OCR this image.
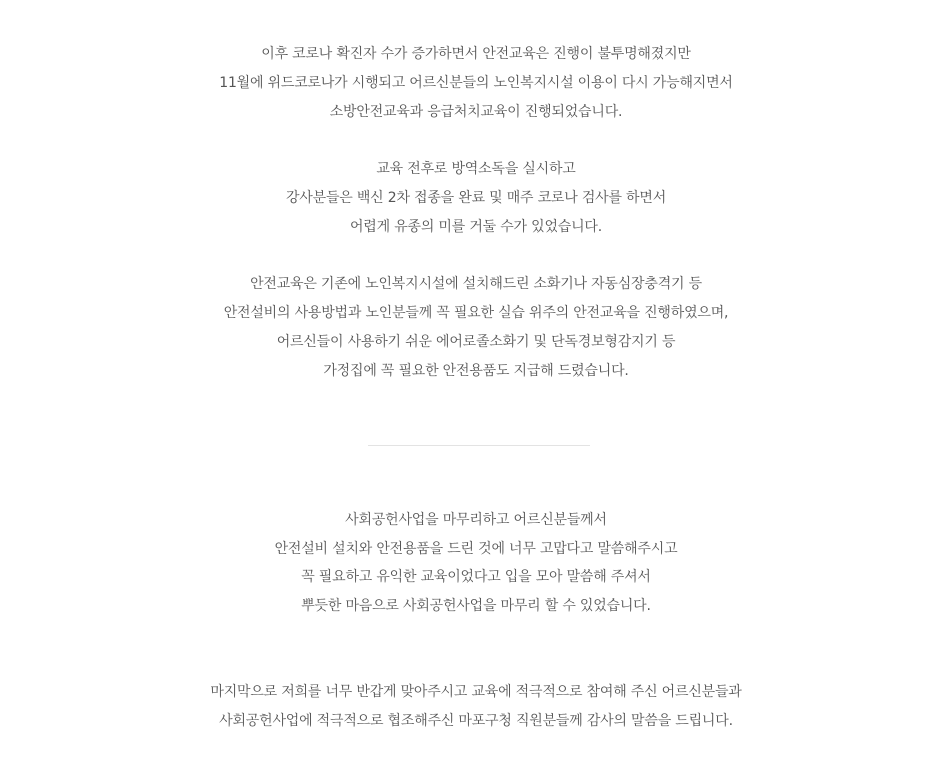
이후 코로나 확진자 수가 증가하면서 안전교육은 진행이 불투명해졌지만
11월에 위드코로나가 시행되고 어르신분들의 노인복지시설 이용이 다시 가능해지면서
소방안전교육과 응급처치교육이 진행되었습니다.
교육 전후로 방역소독을 실시하고
강사분들은 백신 2차 접종을 완료 및 매주 코로나 검사를 하면서
어렵게 유종의 미를 거둘 수가 있었습니다.
안전교육은 기존에 노인복지시설에 설치해드린 소화기나 자동심장충격기 등
안전설비의 사용방법과 노인분들께 꼭 필요한 실습 위주의 안전교육을 진행하였으며,
어르신들이 사용하기 쉬운 에어로졸소화기 및 단독경보형감지기 등
가정집에 꼭 필요한 안전용품도 지급해 드렸습니다.
사회공헌사업을 마무리하고 어르신분들께서
안전설비 설치와 안전용품을 드린 것에 너무 고맙다고 말씀해주시고
꼭 필요하고 유익한 교육이었다고 입을 모아 말씀해 주셔서
뿌듯한 마음으로 사회공헌사업을 마무리 할 수 있었습니다.
마지막으로 저희를 너무 반갑게 맞아주시고 교육에 적극적으로 참여해 주신 어르신분들과
사회공헌사업에 적극적으로 협조해주신 마포구청 직원분들께 감사의 말씀을 드립니다.
